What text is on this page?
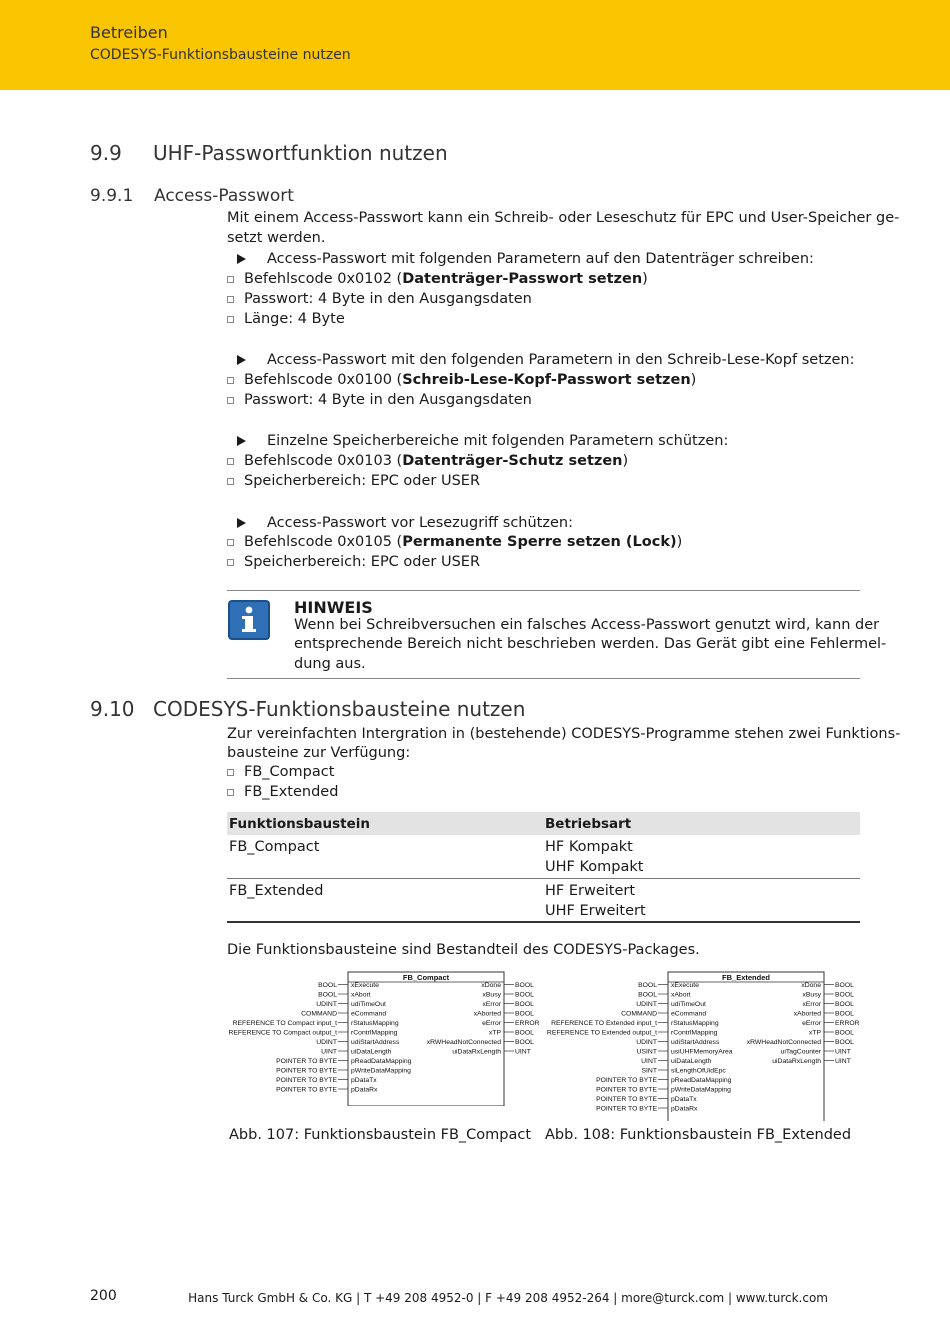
Betreiben
CODESYS-Funktionsbausteine nutzen
9.9 UHF-Passwortfunktion nutzen
9.9.1 Access-Passwort
Mit einem Access-Passwort kann ein Schreib- oder Leseschutz für EPC und User-Speicher ge-
setzt werden.
Access-Passwort mit folgenden Parametern auf den Datenträger schreiben:
Befehlscode 0x0102 (Datenträger-Passwort setzen)
Passwort: 4 Byte in den Ausgangsdaten
Länge: 4 Byte
Access-Passwort mit den folgenden Parametern in den Schreib-Lese-Kopf setzen:
Befehlscode 0x0100 (Schreib-Lese-Kopf-Passwort setzen)
Passwort: 4 Byte in den Ausgangsdaten
Einzelne Speicherbereiche mit folgenden Parametern schützen:
Befehlscode 0x0103 (Datenträger-Schutz setzen)
Speicherbereich: EPC oder USER
Access-Passwort vor Lesezugriff schützen:
Befehlscode 0x0105 (Permanente Sperre setzen (Lock))
Speicherbereich: EPC oder USER
HINWEIS
Wenn bei Schreibversuchen ein falsches Access-Passwort genutzt wird, kann der
entsprechende Bereich nicht beschrieben werden. Das Gerät gibt eine Fehlermel-
dung aus.
9.10 CODESYS-Funktionsbausteine nutzen
Zur vereinfachten Intergration in (bestehende) CODESYS-Programme stehen zwei Funktions-
bausteine zur Verfügung:
FB_Compact
FB_Extended
Funktionsbaustein	Betriebsart
FB_Compact	HF Kompakt
UHF Kompakt
FB_Extended	HF Erweitert
UHF Erweitert
Die Funktionsbausteine sind Bestandteil des CODESYS-Packages.
FB_Compact
BOOL xExecute
BOOL xAbort
UDINT udiTimeOut
COMMAND eCommand
REFERENCE TO Compact input_t rStatusMapping
REFERENCE TO Compact output_t rContrlMapping
UDINT udiStartAddress
UINT uiDataLength
POINTER TO BYTE pReadDataMapping
POINTER TO BYTE pWriteDataMapping
POINTER TO BYTE pDataTx
POINTER TO BYTE pDataRx
xDone BOOL
xBusy BOOL
xError BOOL
xAborted BOOL
eError ERROR
xTP BOOL
xRWHeadNotConnected BOOL
uiDataRxLength UINT
FB_Extended
BOOL xExecute
BOOL xAbort
UDINT udiTimeOut
COMMAND eCommand
REFERENCE TO Extended input_t rStatusMapping
REFERENCE TO Extended output_t rContrlMapping
UDINT udiStartAddress
USINT usiUHFMemoryArea
UINT uiDataLength
SINT siLengthOfUidEpc
POINTER TO BYTE pReadDataMapping
POINTER TO BYTE pWriteDataMapping
POINTER TO BYTE pDataTx
POINTER TO BYTE pDataRx
xDone BOOL
xBusy BOOL
xError BOOL
xAborted BOOL
eError ERROR
xTP BOOL
xRWHeadNotConnected BOOL
uiTagCounter UINT
uiDataRxLength UINT
Abb. 107: Funktionsbaustein FB_Compact Abb. 108: Funktionsbaustein FB_Extended
200	Hans Turck GmbH & Co. KG | T +49 208 4952-0 | F +49 208 4952-264 | more@turck.com | www.turck.com
